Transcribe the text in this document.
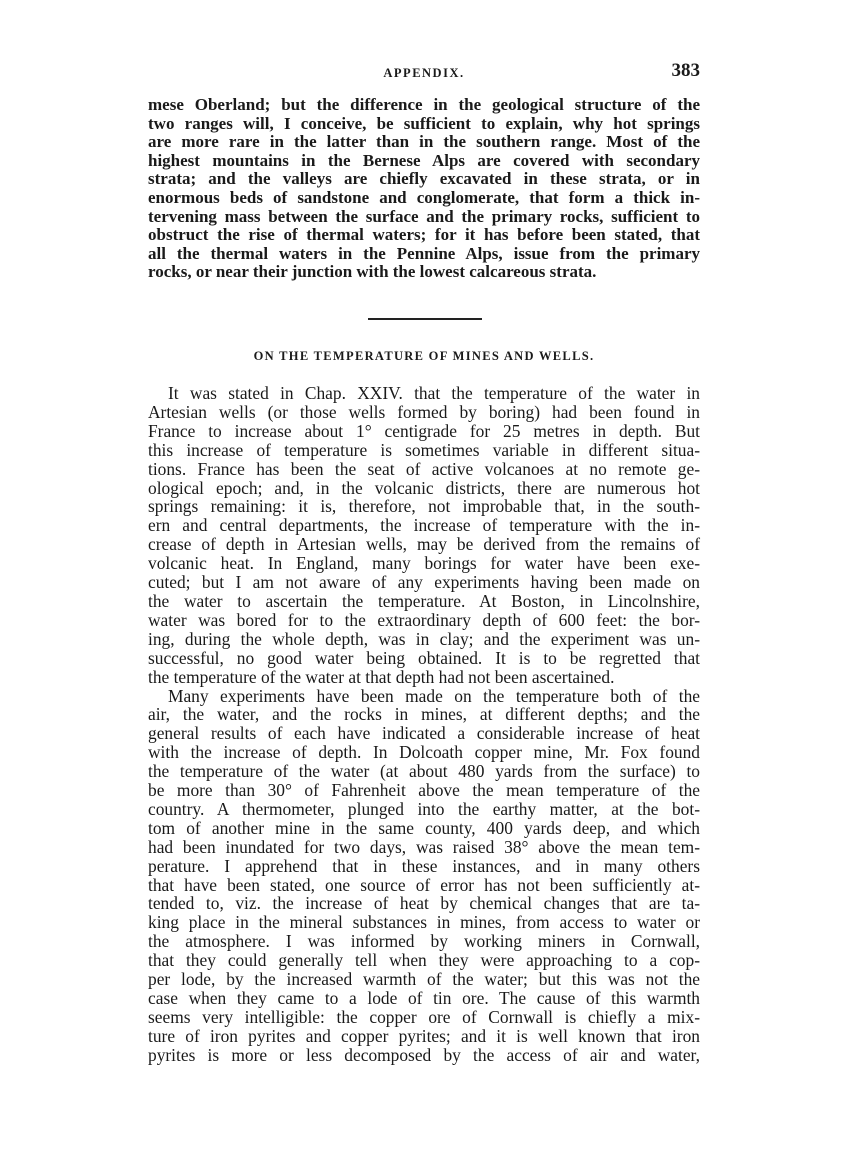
APPENDIX.	383
mese Oberland; but the difference in the geological structure of the
two ranges will, I conceive, be sufficient to explain, why hot springs
are more rare in the latter than in the southern range. Most of the
highest mountains in the Bernese Alps are covered with secondary
strata; and the valleys are chiefly excavated in these strata, or in
enormous beds of sandstone and conglomerate, that form a thick in-
tervening mass between the surface and the primary rocks, sufficient to
obstruct the rise of thermal waters; for it has before been stated, that
all the thermal waters in the Pennine Alps, issue from the primary
rocks, or near their junction with the lowest calcareous strata.
ON THE TEMPERATURE OF MINES AND WELLS.
It was stated in Chap. XXIV. that the temperature of the water in
Artesian wells (or those wells formed by boring) had been found in
France to increase about 1° centigrade for 25 metres in depth. But
this increase of temperature is sometimes variable in different situa-
tions. France has been the seat of active volcanoes at no remote ge-
ological epoch; and, in the volcanic districts, there are numerous hot
springs remaining: it is, therefore, not improbable that, in the south-
ern and central departments, the increase of temperature with the in-
crease of depth in Artesian wells, may be derived from the remains of
volcanic heat. In England, many borings for water have been exe-
cuted; but I am not aware of any experiments having been made on
the water to ascertain the temperature. At Boston, in Lincolnshire,
water was bored for to the extraordinary depth of 600 feet: the bor-
ing, during the whole depth, was in clay; and the experiment was un-
successful, no good water being obtained. It is to be regretted that
the temperature of the water at that depth had not been ascertained.
Many experiments have been made on the temperature both of the
air, the water, and the rocks in mines, at different depths; and the
general results of each have indicated a considerable increase of heat
with the increase of depth. In Dolcoath copper mine, Mr. Fox found
the temperature of the water (at about 480 yards from the surface) to
be more than 30° of Fahrenheit above the mean temperature of the
country. A thermometer, plunged into the earthy matter, at the bot-
tom of another mine in the same county, 400 yards deep, and which
had been inundated for two days, was raised 38° above the mean tem-
perature. I apprehend that in these instances, and in many others
that have been stated, one source of error has not been sufficiently at-
tended to, viz. the increase of heat by chemical changes that are ta-
king place in the mineral substances in mines, from access to water or
the atmosphere. I was informed by working miners in Cornwall,
that they could generally tell when they were approaching to a cop-
per lode, by the increased warmth of the water; but this was not the
case when they came to a lode of tin ore. The cause of this warmth
seems very intelligible: the copper ore of Cornwall is chiefly a mix-
ture of iron pyrites and copper pyrites; and it is well known that iron
pyrites is more or less decomposed by the access of air and water,
